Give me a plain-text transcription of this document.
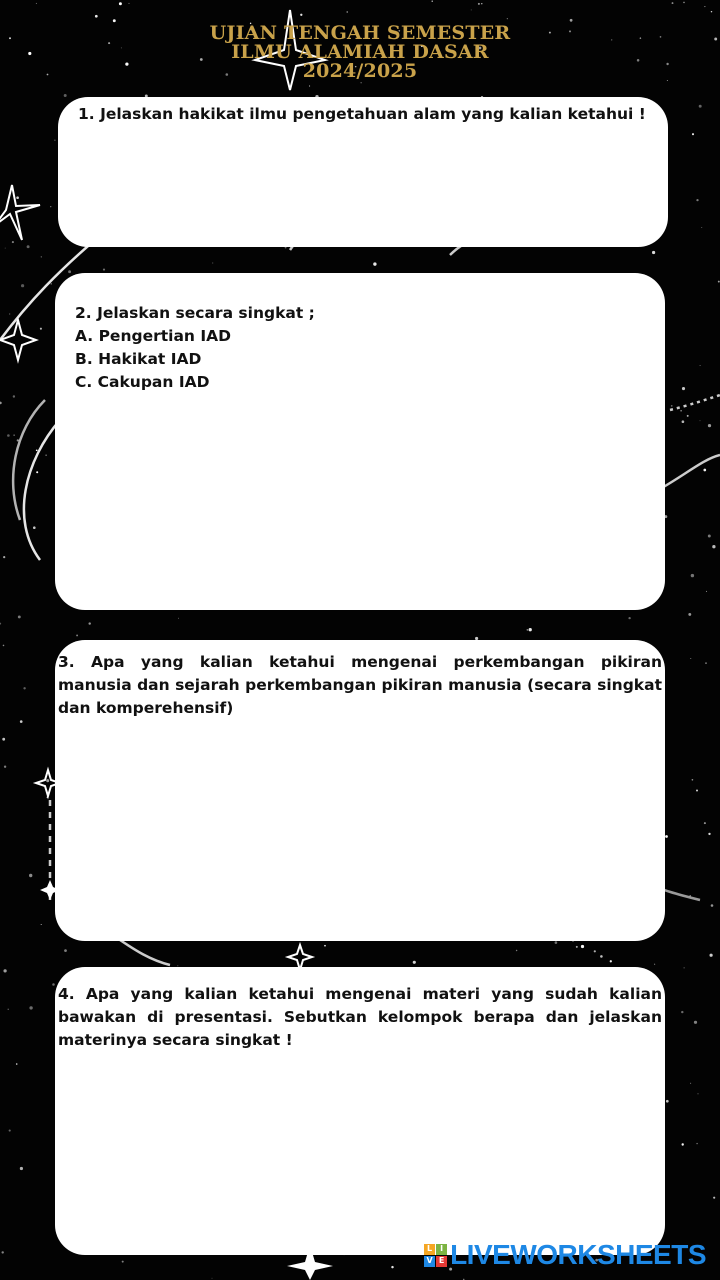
UJIAN TENGAH SEMESTER
ILMU ALAMIAH DASAR
2024/2025
1. Jelaskan hakikat ilmu pengetahuan alam yang kalian ketahui !
2. Jelaskan secara singkat ;
A. Pengertian IAD
B. Hakikat IAD
C. Cakupan IAD
3. Apa yang kalian ketahui mengenai perkembangan pikiran manusia dan sejarah perkembangan pikiran manusia (secara singkat dan komperehensif)
4. Apa yang kalian ketahui mengenai materi yang sudah kalian bawakan di presentasi. Sebutkan kelompok berapa dan jelaskan materinya secara singkat !
L I
V E LIVEWORKSHEETS
